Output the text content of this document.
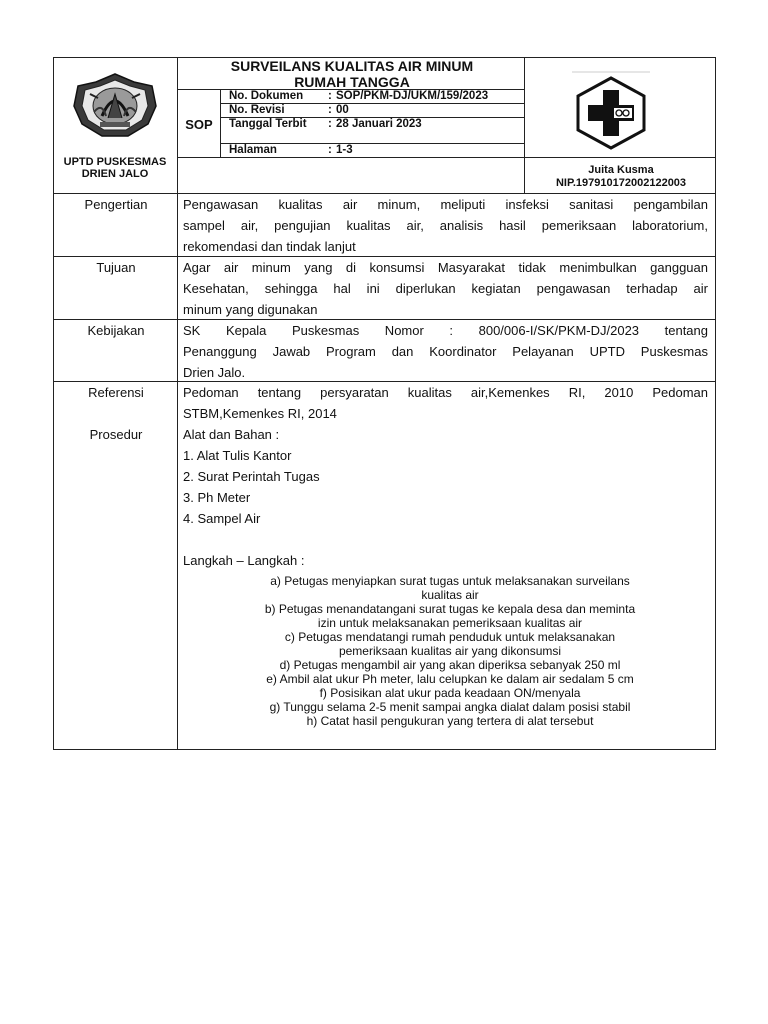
SURVEILANS KUALITAS AIR MINUM
RUMAH TANGGA
SOP
No. Dokumen : SOP/PKM-DJ/UKM/159/2023
No. Revisi	: 00
Tanggal Terbit	: 28 Januari 2023
Halaman	: 1-3
UPTD PUSKESMAS DRIEN JALO	Juita Kusma
NIP.197910172002122003
Pengertian	Pengawasan kualitas air minum, meliputi insfeksi sanitasi pengambilan
sampel air, pengujian kualitas air, analisis hasil pemeriksaan laboratorium,
rekomendasi dan tindak lanjut
Tujuan	Agar air minum yang di konsumsi Masyarakat tidak menimbulkan gangguan
Kesehatan, sehingga hal ini diperlukan kegiatan pengawasan terhadap air
minum yang digunakan
Kebijakan	SK Kepala Puskesmas Nomor : 800/006-I/SK/PKM-DJ/2023 tentang
Penanggung Jawab Program dan Koordinator Pelayanan UPTD Puskesmas
Drien Jalo.
Referensi	Pedoman tentang persyaratan kualitas air,Kemenkes RI, 2010 Pedoman
STBM,Kemenkes RI, 2014
Prosedur	Alat dan Bahan :
1. Alat Tulis Kantor
2. Surat Perintah Tugas
3. Ph Meter
4. Sampel Air
Langkah – Langkah :
a) Petugas menyiapkan surat tugas untuk melaksanakan surveilans
kualitas air
b) Petugas menandatangani surat tugas ke kepala desa dan meminta
izin untuk melaksanakan pemeriksaan kualitas air
c) Petugas mendatangi rumah penduduk untuk melaksanakan
pemeriksaan kualitas air yang dikonsumsi
d) Petugas mengambil air yang akan diperiksa sebanyak 250 ml
e) Ambil alat ukur Ph meter, lalu celupkan ke dalam air sedalam 5 cm
f) Posisikan alat ukur pada keadaan ON/menyala
g) Tunggu selama 2-5 menit sampai angka dialat dalam posisi stabil
h) Catat hasil pengukuran yang tertera di alat tersebut
